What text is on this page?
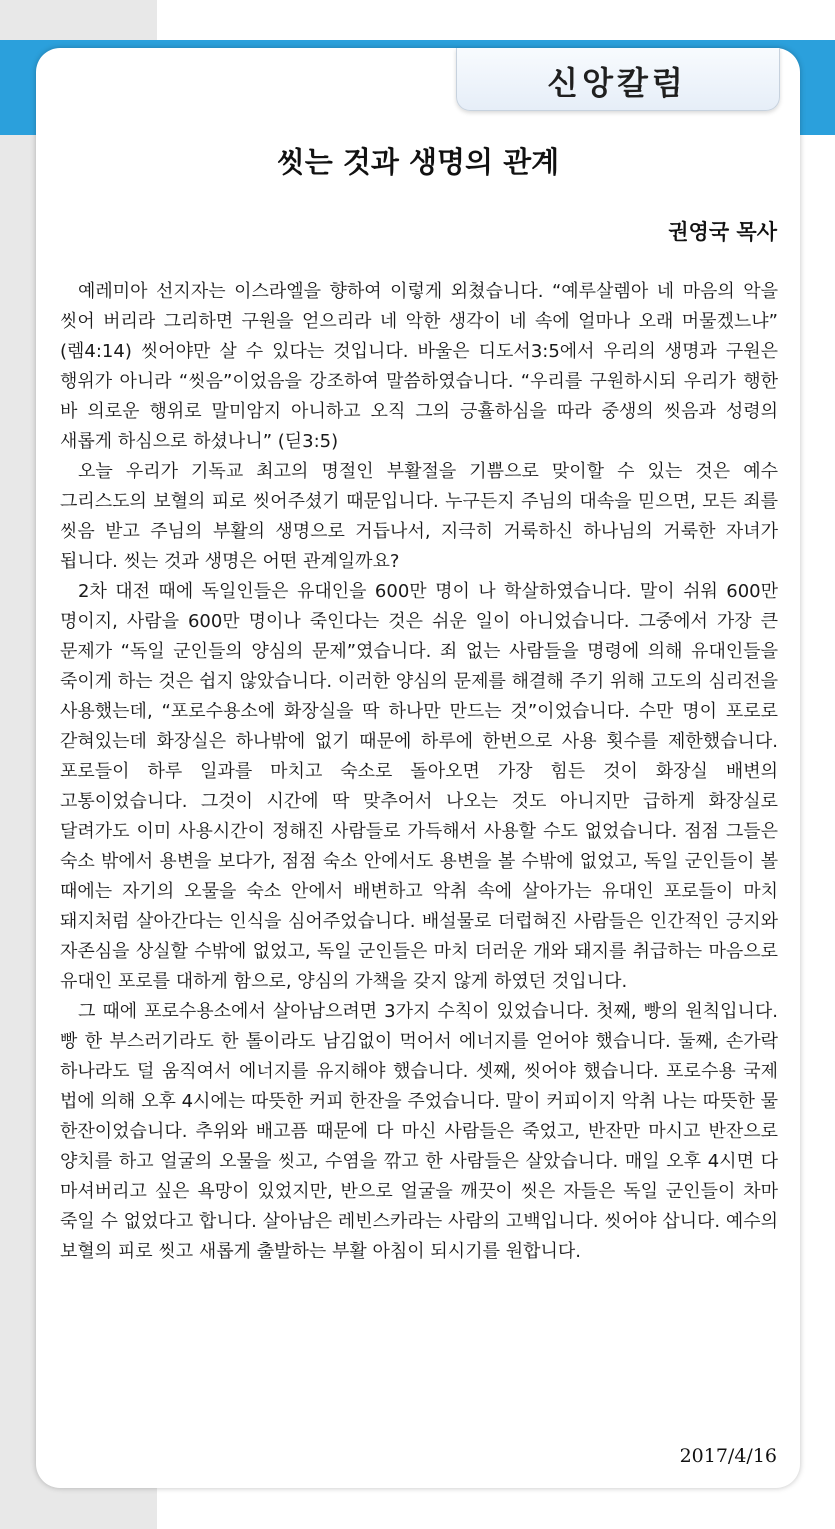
신앙칼럼
씻는 것과 생명의 관계
권영국 목사

예레미아 선지자는 이스라엘을 향하여 이렇게 외쳤습니다. “예루살렘아 네 마음의 악을 씻어 버리라 그리하면 구원을 얻으리라 네 악한 생각이 네 속에 얼마나 오래 머물겠느냐” (렘4:14) 씻어야만 살 수 있다는 것입니다. 바울은 디도서3:5에서 우리의 생명과 구원은 행위가 아니라 “씻음”이었음을 강조하여 말씀하였습니다. “우리를 구원하시되 우리가 행한 바 의로운 행위로 말미암지 아니하고 오직 그의 긍휼하심을 따라 중생의 씻음과 성령의 새롭게 하심으로 하셨나니” (딛3:5)

오늘 우리가 기독교 최고의 명절인 부활절을 기쁨으로 맞이할 수 있는 것은 예수 그리스도의 보혈의 피로 씻어주셨기 때문입니다. 누구든지 주님의 대속을 믿으면, 모든 죄를 씻음 받고 주님의 부활의 생명으로 거듭나서, 지극히 거룩하신 하나님의 거룩한 자녀가 됩니다. 씻는 것과 생명은 어떤 관계일까요?

2차 대전 때에 독일인들은 유대인을 600만 명이 나 학살하였습니다. 말이 쉬워 600만 명이지, 사람을 600만 명이나 죽인다는 것은 쉬운 일이 아니었습니다. 그중에서 가장 큰 문제가 “독일 군인들의 양심의 문제”였습니다. 죄 없는 사람들을 명령에 의해 유대인들을 죽이게 하는 것은 쉽지 않았습니다. 이러한 양심의 문제를 해결해 주기 위해 고도의 심리전을 사용했는데, “포로수용소에 화장실을 딱 하나만 만드는 것”이었습니다. 수만 명이 포로로 갇혀있는데 화장실은 하나밖에 없기 때문에 하루에 한번으로 사용 횟수를 제한했습니다. 포로들이 하루 일과를 마치고 숙소로 돌아오면 가장 힘든 것이 화장실 배변의 고통이었습니다. 그것이 시간에 딱 맞추어서 나오는 것도 아니지만 급하게 화장실로 달려가도 이미 사용시간이 정해진 사람들로 가득해서 사용할 수도 없었습니다. 점점 그들은 숙소 밖에서 용변을 보다가, 점점 숙소 안에서도 용변을 볼 수밖에 없었고, 독일 군인들이 볼 때에는 자기의 오물을 숙소 안에서 배변하고 악취 속에 살아가는 유대인 포로들이 마치 돼지처럼 살아간다는 인식을 심어주었습니다. 배설물로 더럽혀진 사람들은 인간적인 긍지와 자존심을 상실할 수밖에 없었고, 독일 군인들은 마치 더러운 개와 돼지를 취급하는 마음으로 유대인 포로를 대하게 함으로, 양심의 가책을 갖지 않게 하였던 것입니다.

그 때에 포로수용소에서 살아남으려면 3가지 수칙이 있었습니다. 첫째, 빵의 원칙입니다. 빵 한 부스러기라도 한 톨이라도 남김없이 먹어서 에너지를 얻어야 했습니다. 둘째, 손가락 하나라도 덜 움직여서 에너지를 유지해야 했습니다. 셋째, 씻어야 했습니다. 포로수용 국제 법에 의해 오후 4시에는 따뜻한 커피 한잔을 주었습니다. 말이 커피이지 악취 나는 따뜻한 물 한잔이었습니다. 추위와 배고픔 때문에 다 마신 사람들은 죽었고, 반잔만 마시고 반잔으로 양치를 하고 얼굴의 오물을 씻고, 수염을 깎고 한 사람들은 살았습니다. 매일 오후 4시면 다 마셔버리고 싶은 욕망이 있었지만, 반으로 얼굴을 깨끗이 씻은 자들은 독일 군인들이 차마 죽일 수 없었다고 합니다. 살아남은 레빈스카라는 사람의 고백입니다. 씻어야 삽니다. 예수의 보혈의 피로 씻고 새롭게 출발하는 부활 아침이 되시기를 원합니다.

2017/4/16
